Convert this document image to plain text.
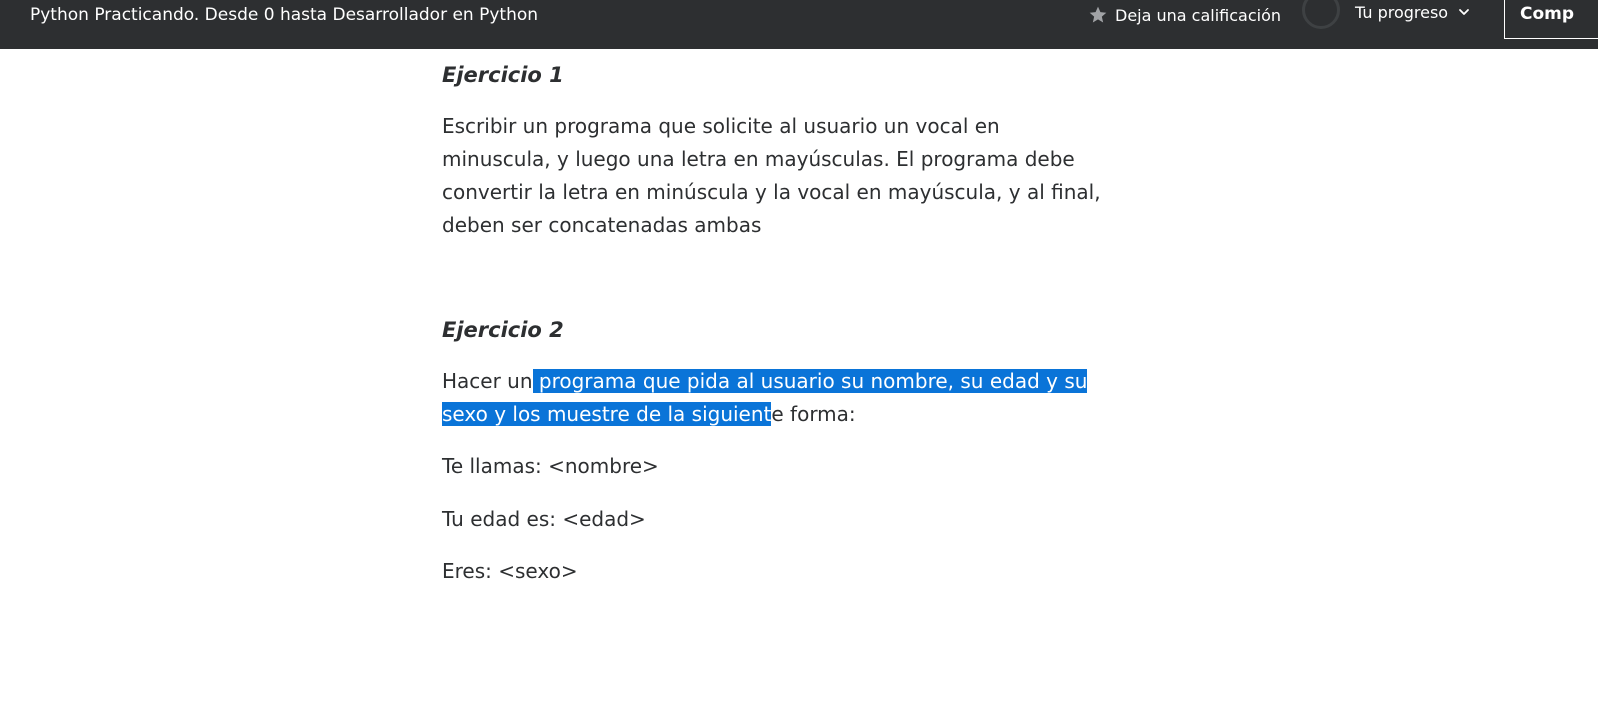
Python Practicando. Desde 0 hasta Desarrollador en Python	Deja una calificación	Tu progreso	Comp
Ejercicio 1

Escribir un programa que solicite al usuario un vocal en
minuscula, y luego una letra en mayúsculas. El programa debe
convertir la letra en minúscula y la vocal en mayúscula, y al final,
deben ser concatenadas ambas

Ejercicio 2

Hacer un programa que pida al usuario su nombre, su edad y su
sexo y los muestre de la siguiente forma:

Te llamas: <nombre>

Tu edad es: <edad>

Eres: <sexo>
